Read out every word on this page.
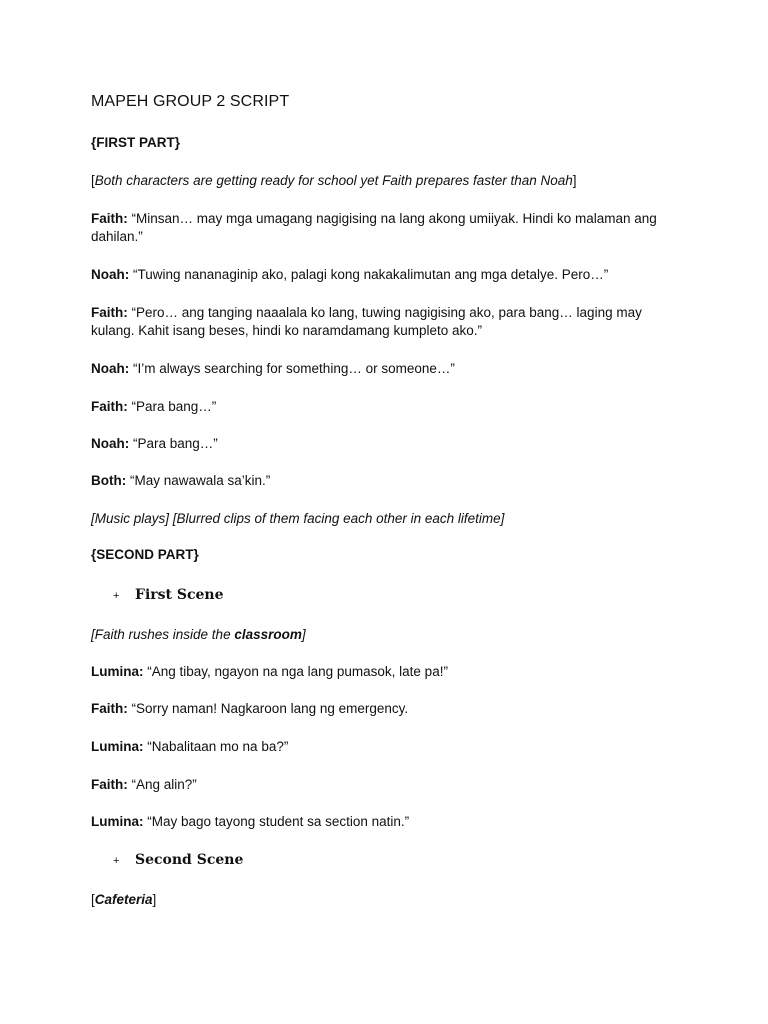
MAPEH GROUP 2 SCRIPT
{FIRST PART}
[Both characters are getting ready for school yet Faith prepares faster than Noah]
Faith: “Minsan… may mga umagang nagigising na lang akong umiiyak. Hindi ko malaman ang dahilan.”
Noah: “Tuwing nananaginip ako, palagi kong nakakalimutan ang mga detalye. Pero…”
Faith: “Pero… ang tanging naaalala ko lang, tuwing nagigising ako, para bang… laging may kulang. Kahit isang beses, hindi ko naramdamang kumpleto ako.”
Noah: “I’m always searching for something… or someone…”
Faith: “Para bang…”
Noah: “Para bang…”
Both: “May nawawala sa’kin.”
[Music plays] [Blurred clips of them facing each other in each lifetime]
{SECOND PART}
+ First Scene
[Faith rushes inside the classroom]
Lumina: “Ang tibay, ngayon na nga lang pumasok, late pa!”
Faith: “Sorry naman! Nagkaroon lang ng emergency.
Lumina: “Nabalitaan mo na ba?”
Faith: “Ang alin?”
Lumina: “May bago tayong student sa section natin.”
+ Second Scene
[Cafeteria]
